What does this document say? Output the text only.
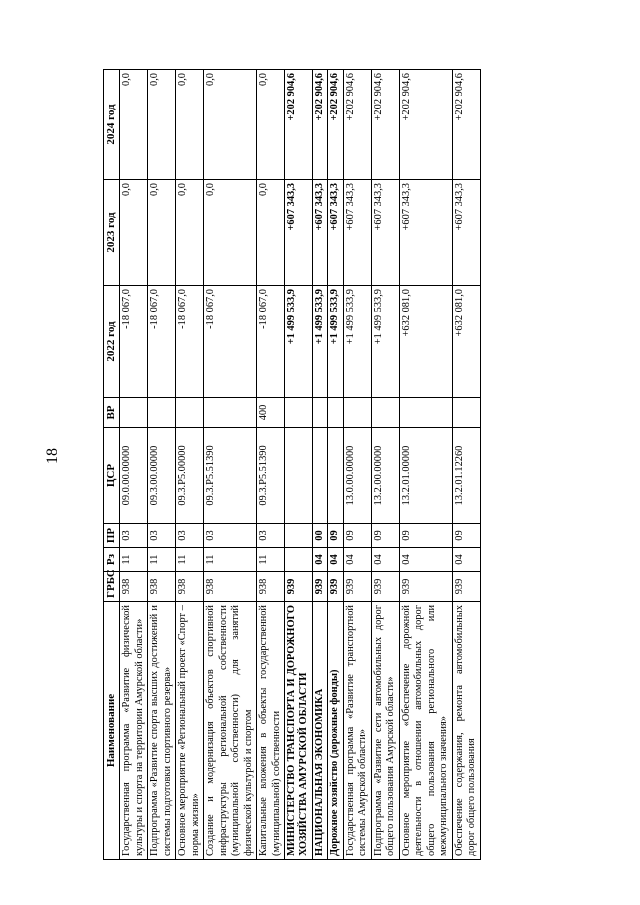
18
Наименование	ГРБС	Рз	ПР	ЦСР	ВР	2022 год	2023 год	2024 год
Государственная программа «Развитие физической культуры и спорта на территории Амурской области»	938	11	03	09.0.00.00000		-18 067,0	0,0	0,0
Подпрограмма «Развитие спорта высших достижений и системы подготовки спортивного резерва»	938	11	03	09.3.00.00000		-18 067,0	0,0	0,0
Основное мероприятие «Региональный проект «Спорт – норма жизни»	938	11	03	09.3.Р5.00000		-18 067,0	0,0	0,0
Создание и модернизация объектов спортивной инфраструктуры региональной собственности (муниципальной собственности) для занятий физической культурой и спортом	938	11	03	09.3.Р5.51390		-18 067,0	0,0	0,0
Капитальные вложения в объекты государственной (муниципальной) собственности	938	11	03	09.3.Р5.51390	400	-18 067,0	0,0	0,0
МИНИСТЕРСТВО ТРАНСПОРТА И ДОРОЖНОГО ХОЗЯЙСТВА АМУРСКОЙ ОБЛАСТИ	939					+1 499 533,9	+607 343,3	+202 904,6
НАЦИОНАЛЬНАЯ ЭКОНОМИКА	939	04	00			+1 499 533,9	+607 343,3	+202 904,6
Дорожное хозяйство (дорожные фонды)	939	04	09			+1 499 533,9	+607 343,3	+202 904,6
Государственная программа «Развитие транспортной системы Амурской области»	939	04	09	13.0.00.00000		+1 499 533,9	+607 343,3	+202 904,6
Подпрограмма «Развитие сети автомобильных дорог общего пользования Амурской области»	939	04	09	13.2.00.00000		+1 499 533,9	+607 343,3	+202 904,6
Основное мероприятие «Обеспечение дорожной деятельности в отношении автомобильных дорог общего пользования регионального или межмуниципального значения»	939	04	09	13.2.01.00000		+632 081,0	+607 343,3	+202 904,6
Обеспечение содержания, ремонта автомобильных дорог общего пользования	939	04	09	13.2.01.12260		+632 081,0	+607 343,3	+202 904,6
